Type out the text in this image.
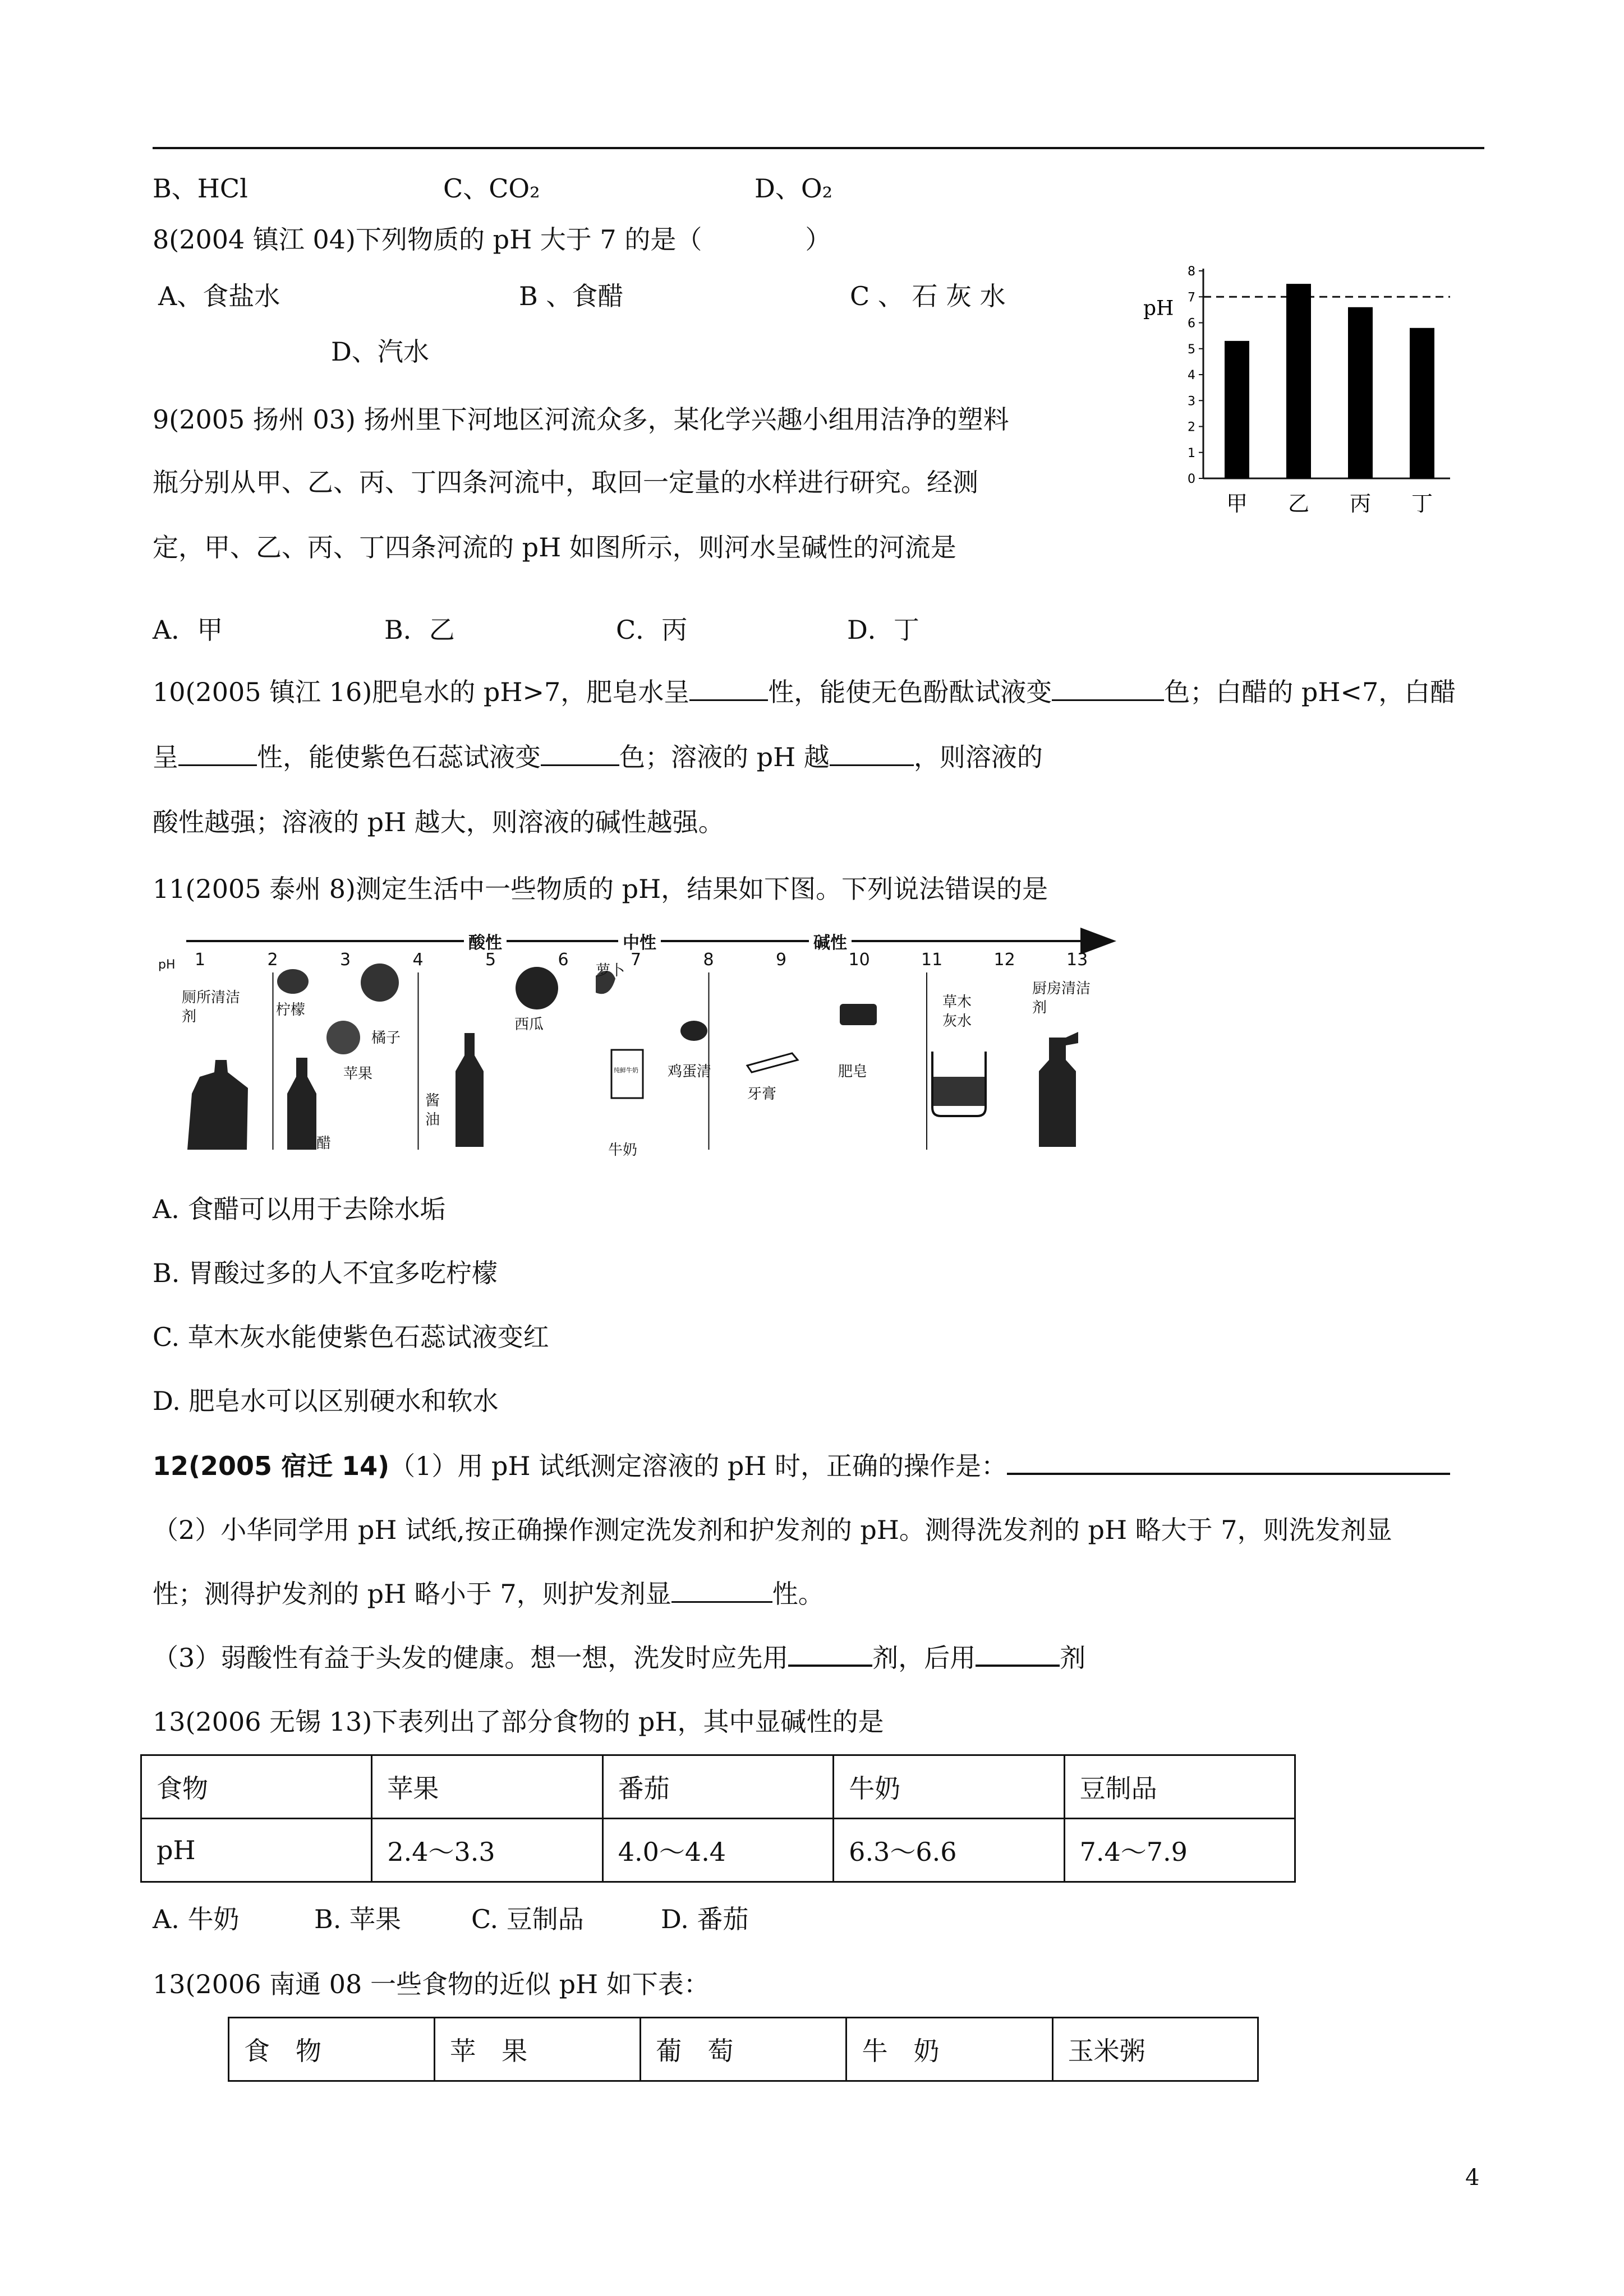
B、HCl	C、CO₂	D、O₂
8(2004 镇江 04)下列物质的 pH 大于 7 的是（　　　　）
A、食盐水	B 、食醋	C 、 石 灰 水
D、汽水
9(2005 扬州 03) 扬州里下河地区河流众多，某化学兴趣小组用洁净的塑料
瓶分别从甲、乙、丙、丁四条河流中，取回一定量的水样进行研究。经测
定，甲、乙、丙、丁四条河流的 pH 如图所示，则河水呈碱性的河流是
A．甲	B．乙	C．丙	D．丁
0
1
2
3
4
5
6
7
8
pH
甲 乙 丙 丁
10(2005 镇江 16)肥皂水的 pH>7，肥皂水呈	性，能使无色酚酞试液变	色；白醋的 pH<7，白醋
呈	性，能使紫色石蕊试液变	色；溶液的 pH 越	，则溶液的
酸性越强；溶液的 pH 越大，则溶液的碱性越强。
11(2005 泰州 8)测定生活中一些物质的 pH，结果如下图。下列说法错误的是
酸性	中性	碱性
pH 1	2	3	4	5	6	7	8	9	10	11	12	13
纯鲜牛奶
厕所清洁剂	柠檬
橘子
苹果
醋
酱油
西瓜
萝卜
牛奶
鸡蛋清
牙膏
肥皂
草木灰水
厨房清洁剂
A. 食醋可以用于去除水垢
B. 胃酸过多的人不宜多吃柠檬
C. 草木灰水能使紫色石蕊试液变红
D. 肥皂水可以区别硬水和软水
12(2005 宿迁 14)（1）用 pH 试纸测定溶液的 pH 时，正确的操作是：
（2）小华同学用 pH 试纸,按正确操作测定洗发剂和护发剂的 pH。测得洗发剂的 pH 略大于 7，则洗发剂显
性；测得护发剂的 pH 略小于 7，则护发剂显	性。
（3）弱酸性有益于头发的健康。想一想，洗发时应先用	剂，后用	剂
13(2006 无锡 13)下表列出了部分食物的 pH，其中显碱性的是
食物	苹果	番茄	牛奶	豆制品
pH	2.4～3.3	4.0～4.4	6.3～6.6	7.4～7.9
A. 牛奶	B. 苹果	C. 豆制品	D. 番茄
13(2006 南通 08 一些食物的近似 pH 如下表：
食　物	苹　果	葡　萄	牛　奶	玉米粥
4
